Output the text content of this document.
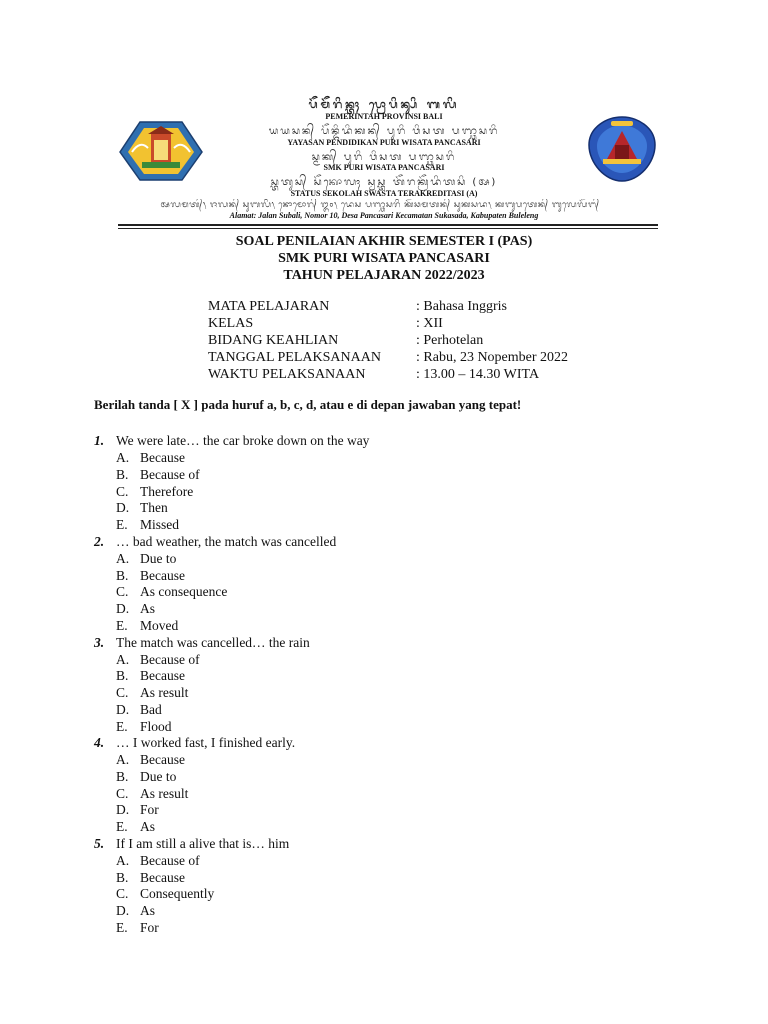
ᬧᭂᬫᭂᬭᬶᬦ᭄ᬢᬄ ᬧ᭄ᬭᭀᬧᬶᬦ᭄ᬲᬶ ᬩᬮᬶ
PEMERINTAH PROVINSI BALI
ᬬᬬᬲᬦ᭄ ᬧᭂᬦ᭄ᬤᬶᬤᬶᬓᬦ᭄ ᬧᬸᬭᬶ ᬯᬶᬲᬢ ᬧᬜ᭄ᬘᬲᬭᬶ
YAYASAN PENDIDIKAN PURI WISATA PANCASARI
ᬲ᭄ᬫᬓ᭄ ᬧᬸᬭᬶ ᬯᬶᬲᬢ ᬧᬜ᭄ᬘᬲᬭᬶ
SMK PURI WISATA PANCASARI
ᬲ᭄ᬢᬢᬸᬲ᭄ ᬲᭂᬓᭀᬮᬄ ᬲ᭄ᬯᬲ᭄ᬢ ᬢᭂᬭᬓ᭄ᬭᭂᬤᬶᬢᬲᬶ (ᬅ)
STATUS SEKOLAH SWASTA TERAKREDITASI (A)
ᬅᬮᬫᬢ᭄᭞ ᬚᬮᬦ᭄ ᬲᬸᬩᬮᬶ᭞ ᬦᭀᬫᭀᬭ᭄ ᬑ᭐᭞ ᬤᬾᬲ ᬧᬜ᭄ᬘᬲᬭᬶ ᬓᭂᬘᬫᬢᬦ᭄ ᬲᬸᬓᬲᬤ᭞ ᬓᬩᬸᬧᬢᬾᬦ᭄ ᬩᬸᬮᬾᬮᭂᬗ᭄
Alamat: Jalan Subali, Nomor 10, Desa Pancasari Kecamatan Sukasada, Kabupaten Buleleng
SOAL PENILAIAN AKHIR SEMESTER I (PAS)
SMK PURI WISATA PANCASARI
TAHUN PELAJARAN 2022/2023
MATA PELAJARAN	: Bahasa Inggris
KELAS	: XII
BIDANG KEAHLIAN	: Perhotelan
TANGGAL PELAKSANAAN	: Rabu, 23 Nopember 2022
WAKTU PELAKSANAAN	: 13.00 – 14.30 WITA
Berilah tanda [ X ] pada huruf a, b, c, d, atau e di depan jawaban yang tepat!
1. We were late… the car broke down on the way
A. Because
B. Because of
C. Therefore
D. Then
E. Missed
2. … bad weather, the match was cancelled
A. Due to
B. Because
C. As consequence
D. As
E. Moved
3. The match was cancelled… the rain
A. Because of
B. Because
C. As result
D. Bad
E. Flood
4. … I worked fast, I finished early.
A. Because
B. Due to
C. As result
D. For
E. As
5. If I am still a alive that is… him
A. Because of
B. Because
C. Consequently
D. As
E. For
